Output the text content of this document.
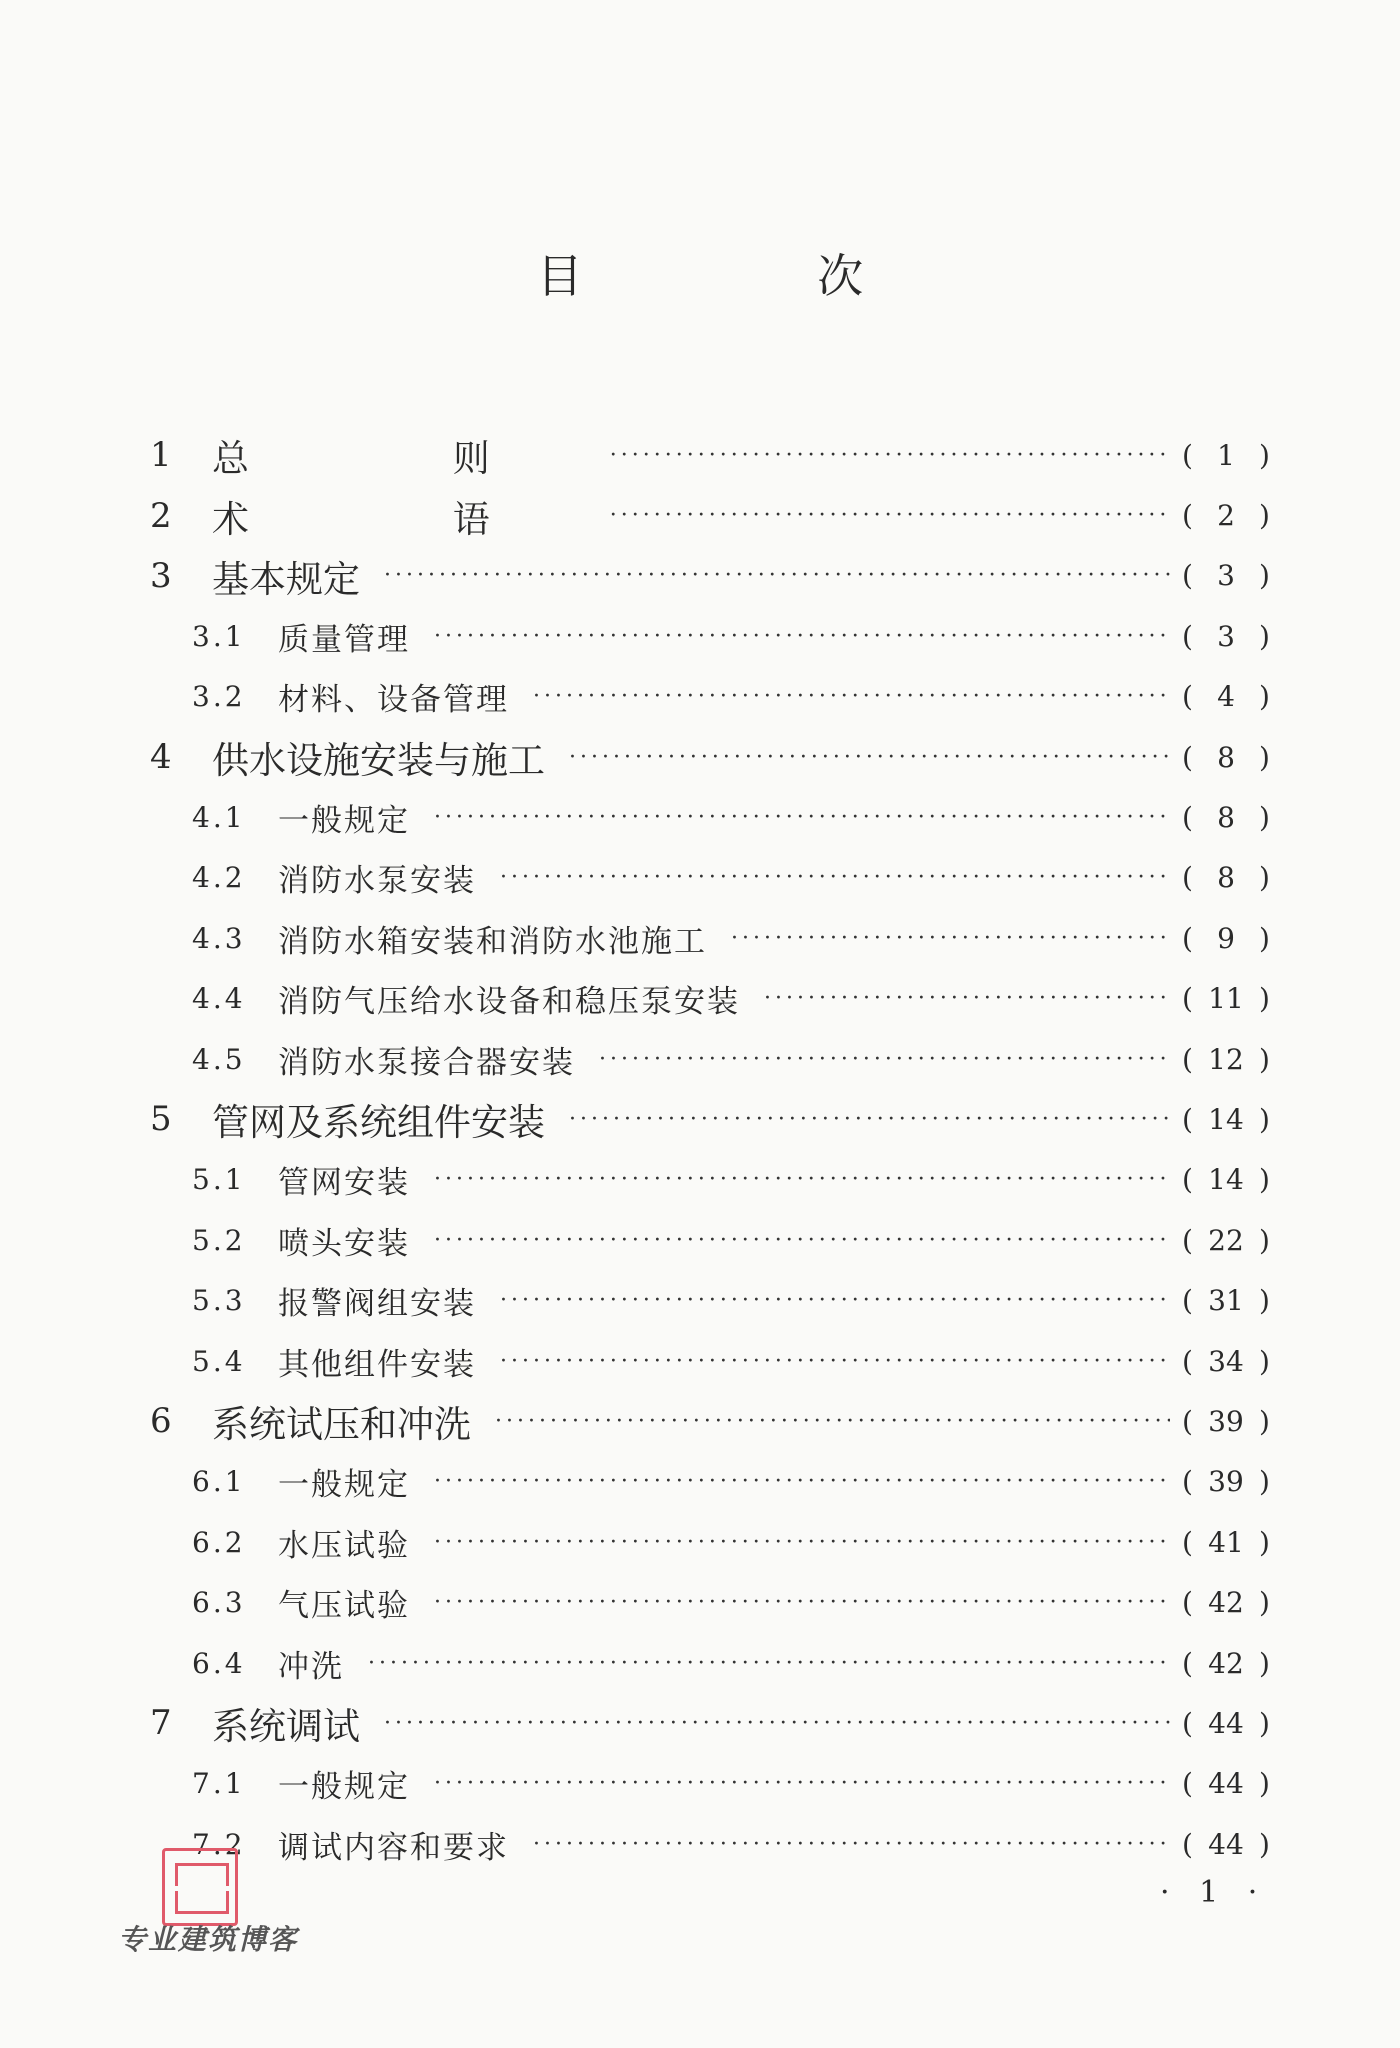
目 次
1	总 则 ·····	( 1 )
2	术 语 ·····	( 2 )
3	基本规定 ·····	( 3 )
3.1	质量管理 ·····	( 3 )
3.2	材料、设备管理 ·····	( 4 )
4	供水设施安装与施工 ·····	( 8 )
4.1	一般规定 ·····	( 8 )
4.2	消防水泵安装 ·····	( 8 )
4.3	消防水箱安装和消防水池施工 ·····	( 9 )
4.4	消防气压给水设备和稳压泵安装 ·····	( 11 )
4.5	消防水泵接合器安装 ·····	( 12 )
5	管网及系统组件安装 ·····	( 14 )
5.1	管网安装 ·····	( 14 )
5.2	喷头安装 ·····	( 22 )
5.3	报警阀组安装 ·····	( 31 )
5.4	其他组件安装 ·····	( 34 )
6	系统试压和冲洗 ·····	( 39 )
6.1	一般规定 ·····	( 39 )
6.2	水压试验 ·····	( 41 )
6.3	气压试验 ·····	( 42 )
6.4	冲洗 ·····	( 42 )
7	系统调试 ·····	( 44 )
7.1	一般规定 ·····	( 44 )
7.2	调试内容和要求 ·····	( 44 )
· 1 ·
专业建筑博客
